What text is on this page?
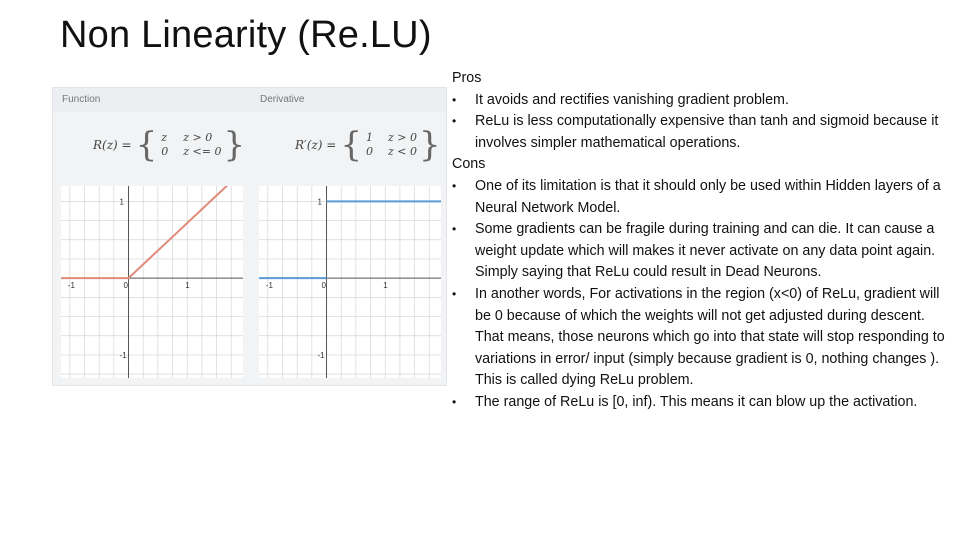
Non Linearity (Re.LU)
Function	Derivative
R(z) = { z z > 0
0 z <= 0 }	R′(z) = { 1 z > 0
0 z < 0 }
-1	0	1
1
-1
-1	0	1
1
-1
Pros
• It avoids and rectifies vanishing gradient problem.
• ReLu is less computationally expensive than tanh and sigmoid because it involves simpler mathematical operations.
Cons
• One of its limitation is that it should only be used within Hidden layers of a Neural Network Model.
• Some gradients can be fragile during training and can die. It can cause a weight update which will makes it never activate on any data point again. Simply saying that ReLu could result in Dead Neurons.
• In another words, For activations in the region (x<0) of ReLu, gradient will be 0 because of which the weights will not get adjusted during descent. That means, those neurons which go into that state will stop responding to variations in error/ input (simply because gradient is 0, nothing changes ). This is called dying ReLu problem.
• The range of ReLu is [0, inf). This means it can blow up the activation.
